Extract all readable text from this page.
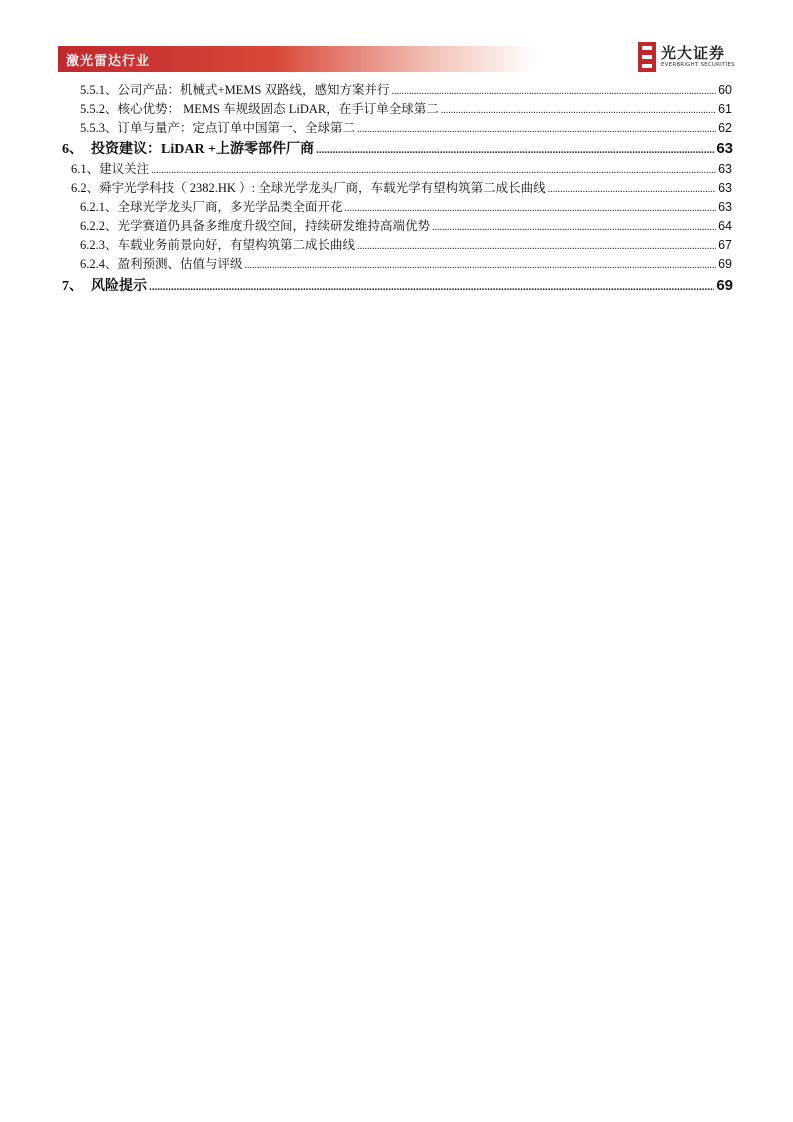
激光雷达行业	光大证券
EVERBRIGHT SECURITIES
5.5.1、公司产品：机械式+MEMS 双路线，感知方案并行 .....	60
5.5.2、核心优势： MEMS 车规级固态 LiDAR，在手订单全球第二 .....	61
5.5.3、订单与量产：定点订单中国第一、全球第二 .....	62
6、 投资建议：LiDAR +上游零部件厂商 .....	63
6.1、建议关注 .....	63
6.2、舜宇光学科技（ 2382.HK ）: 全球光学龙头厂商，车载光学有望构筑第二成长曲线 .....	63
6.2.1、全球光学龙头厂商，多光学品类全面开花 .....	63
6.2.2、光学赛道仍具备多维度升级空间，持续研发维持高端优势 .....	64
6.2.3、车载业务前景向好，有望构筑第二成长曲线 .....	67
6.2.4、盈利预测、估值与评级 .....	69
7、 风险提示 .....	69
